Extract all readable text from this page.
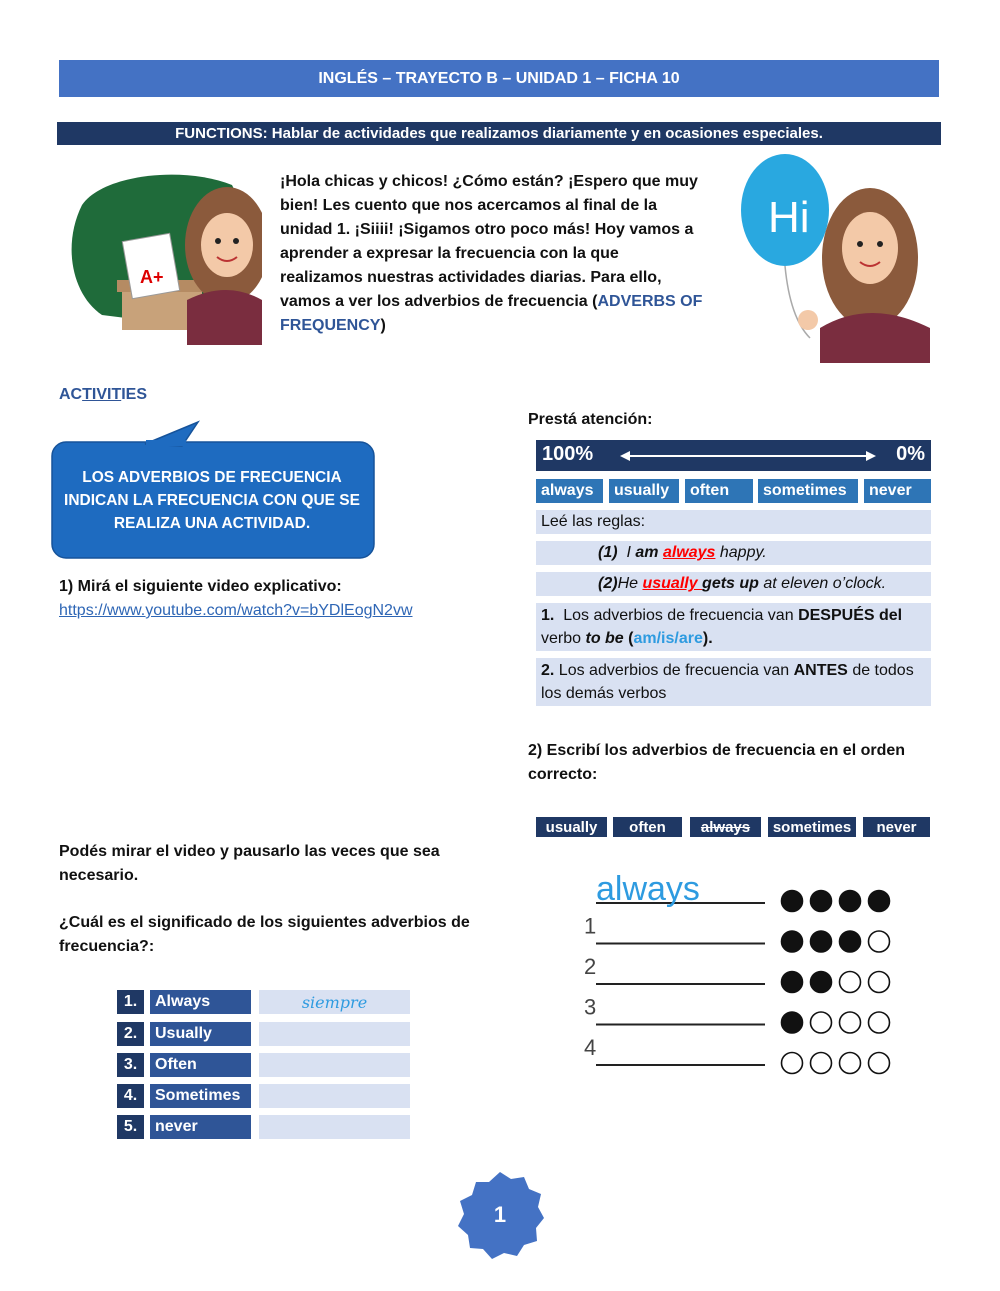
INGLÉS – TRAYECTO B – UNIDAD 1 – FICHA 10
FUNCTIONS: Hablar de actividades que realizamos diariamente y en ocasiones especiales.
A+
¡Hola chicas y chicos! ¿Cómo están? ¡Espero que muy bien! Les cuento que nos acercamos al final de la unidad 1. ¡Siiii! ¡Sigamos otro poco más! Hoy vamos a aprender a expresar la frecuencia con la que realizamos nuestras actividades diarias. Para ello, vamos a ver los adverbios de frecuencia (ADVERBS OF FREQUENCY)
Hi
ACTIVITIES
LOS ADVERBIOS DE FRECUENCIA INDICAN LA FRECUENCIA CON QUE SE REALIZA UNA ACTIVIDAD.
1) Mirá el siguiente video explicativo:
https://www.youtube.com/watch?v=bYDlEogN2vw
Podés mirar el video y pausarlo las veces que sea necesario.
¿Cuál es el significado de los siguientes adverbios de frecuencia?:
1.	Always	siempre
2.	Usually
3.	Often
4.	Sometimes
5.	never
Prestá atención:
100%	0%
always	usually	often	sometimes	never
Leé las reglas:
(1) I am always happy.
(2)He usually gets up at eleven o’clock.
1. Los adverbios de frecuencia van DESPUÉS del verbo to be (am/is/are).
2. Los adverbios de frecuencia van ANTES de todos los demás verbos
2) Escribí los adverbios de frecuencia en el orden correcto:
usually	often	always	sometimes	never
always
1
2
3
4
1
